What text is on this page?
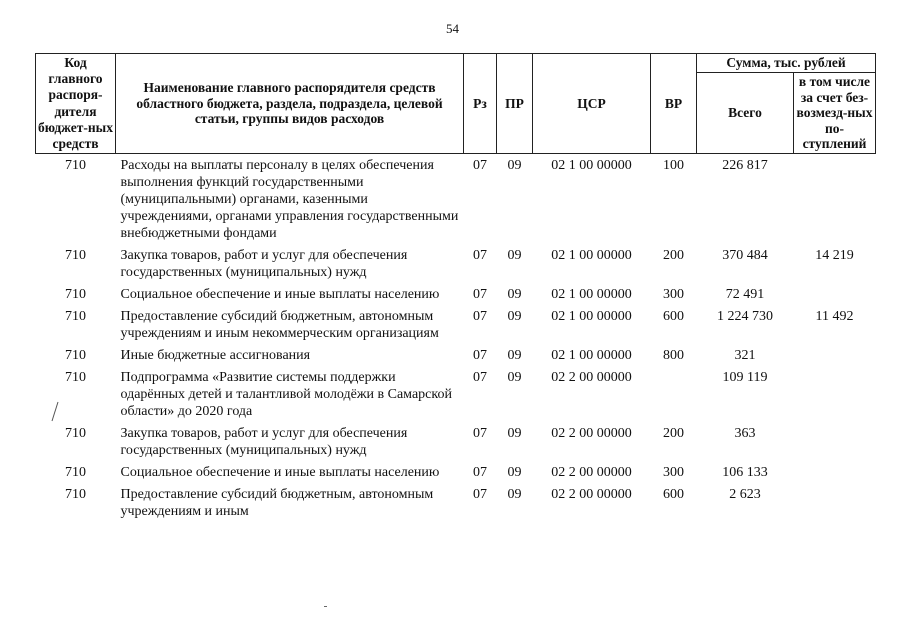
54
Код главного распоря-дителя бюджет-ных средств	Наименование главного распорядителя средств областного бюджета, раздела, подраздела, целевой статьи, группы видов расходов	Рз	ПР	ЦСР	ВР	Сумма, тыс. рублей	
						Всего	в том числе за счет без-возмезд-ных по-ступлений
710	Расходы на выплаты персоналу в целях обеспечения выполнения функций государственными (муниципальными) органами, казенными учреждениями, органами управления государственными внебюджетными фондами	07	09	02 1 00 00000	100	226 817	
710	Закупка товаров, работ и услуг для обеспечения государственных (муниципальных) нужд	07	09	02 1 00 00000	200	370 484	14 219
710	Социальное обеспечение и иные выплаты населению	07	09	02 1 00 00000	300	72 491	
710	Предоставление субсидий бюджетным, автономным учреждениям и иным некоммерческим организациям	07	09	02 1 00 00000	600	1 224 730	11 492
710	Иные бюджетные ассигнования	07	09	02 1 00 00000	800	321	
710	Подпрограмма «Развитие системы поддержки одарённых детей и талантливой молодёжи в Самарской области» до 2020 года	07	09	02 2 00 00000		109 119	
710	Закупка товаров, работ и услуг для обеспечения государственных (муниципальных) нужд	07	09	02 2 00 00000	200	363	
710	Социальное обеспечение и иные выплаты населению	07	09	02 2 00 00000	300	106 133	
710	Предоставление субсидий бюджетным, автономным учреждениям и иным	07	09	02 2 00 00000	600	2 623	
